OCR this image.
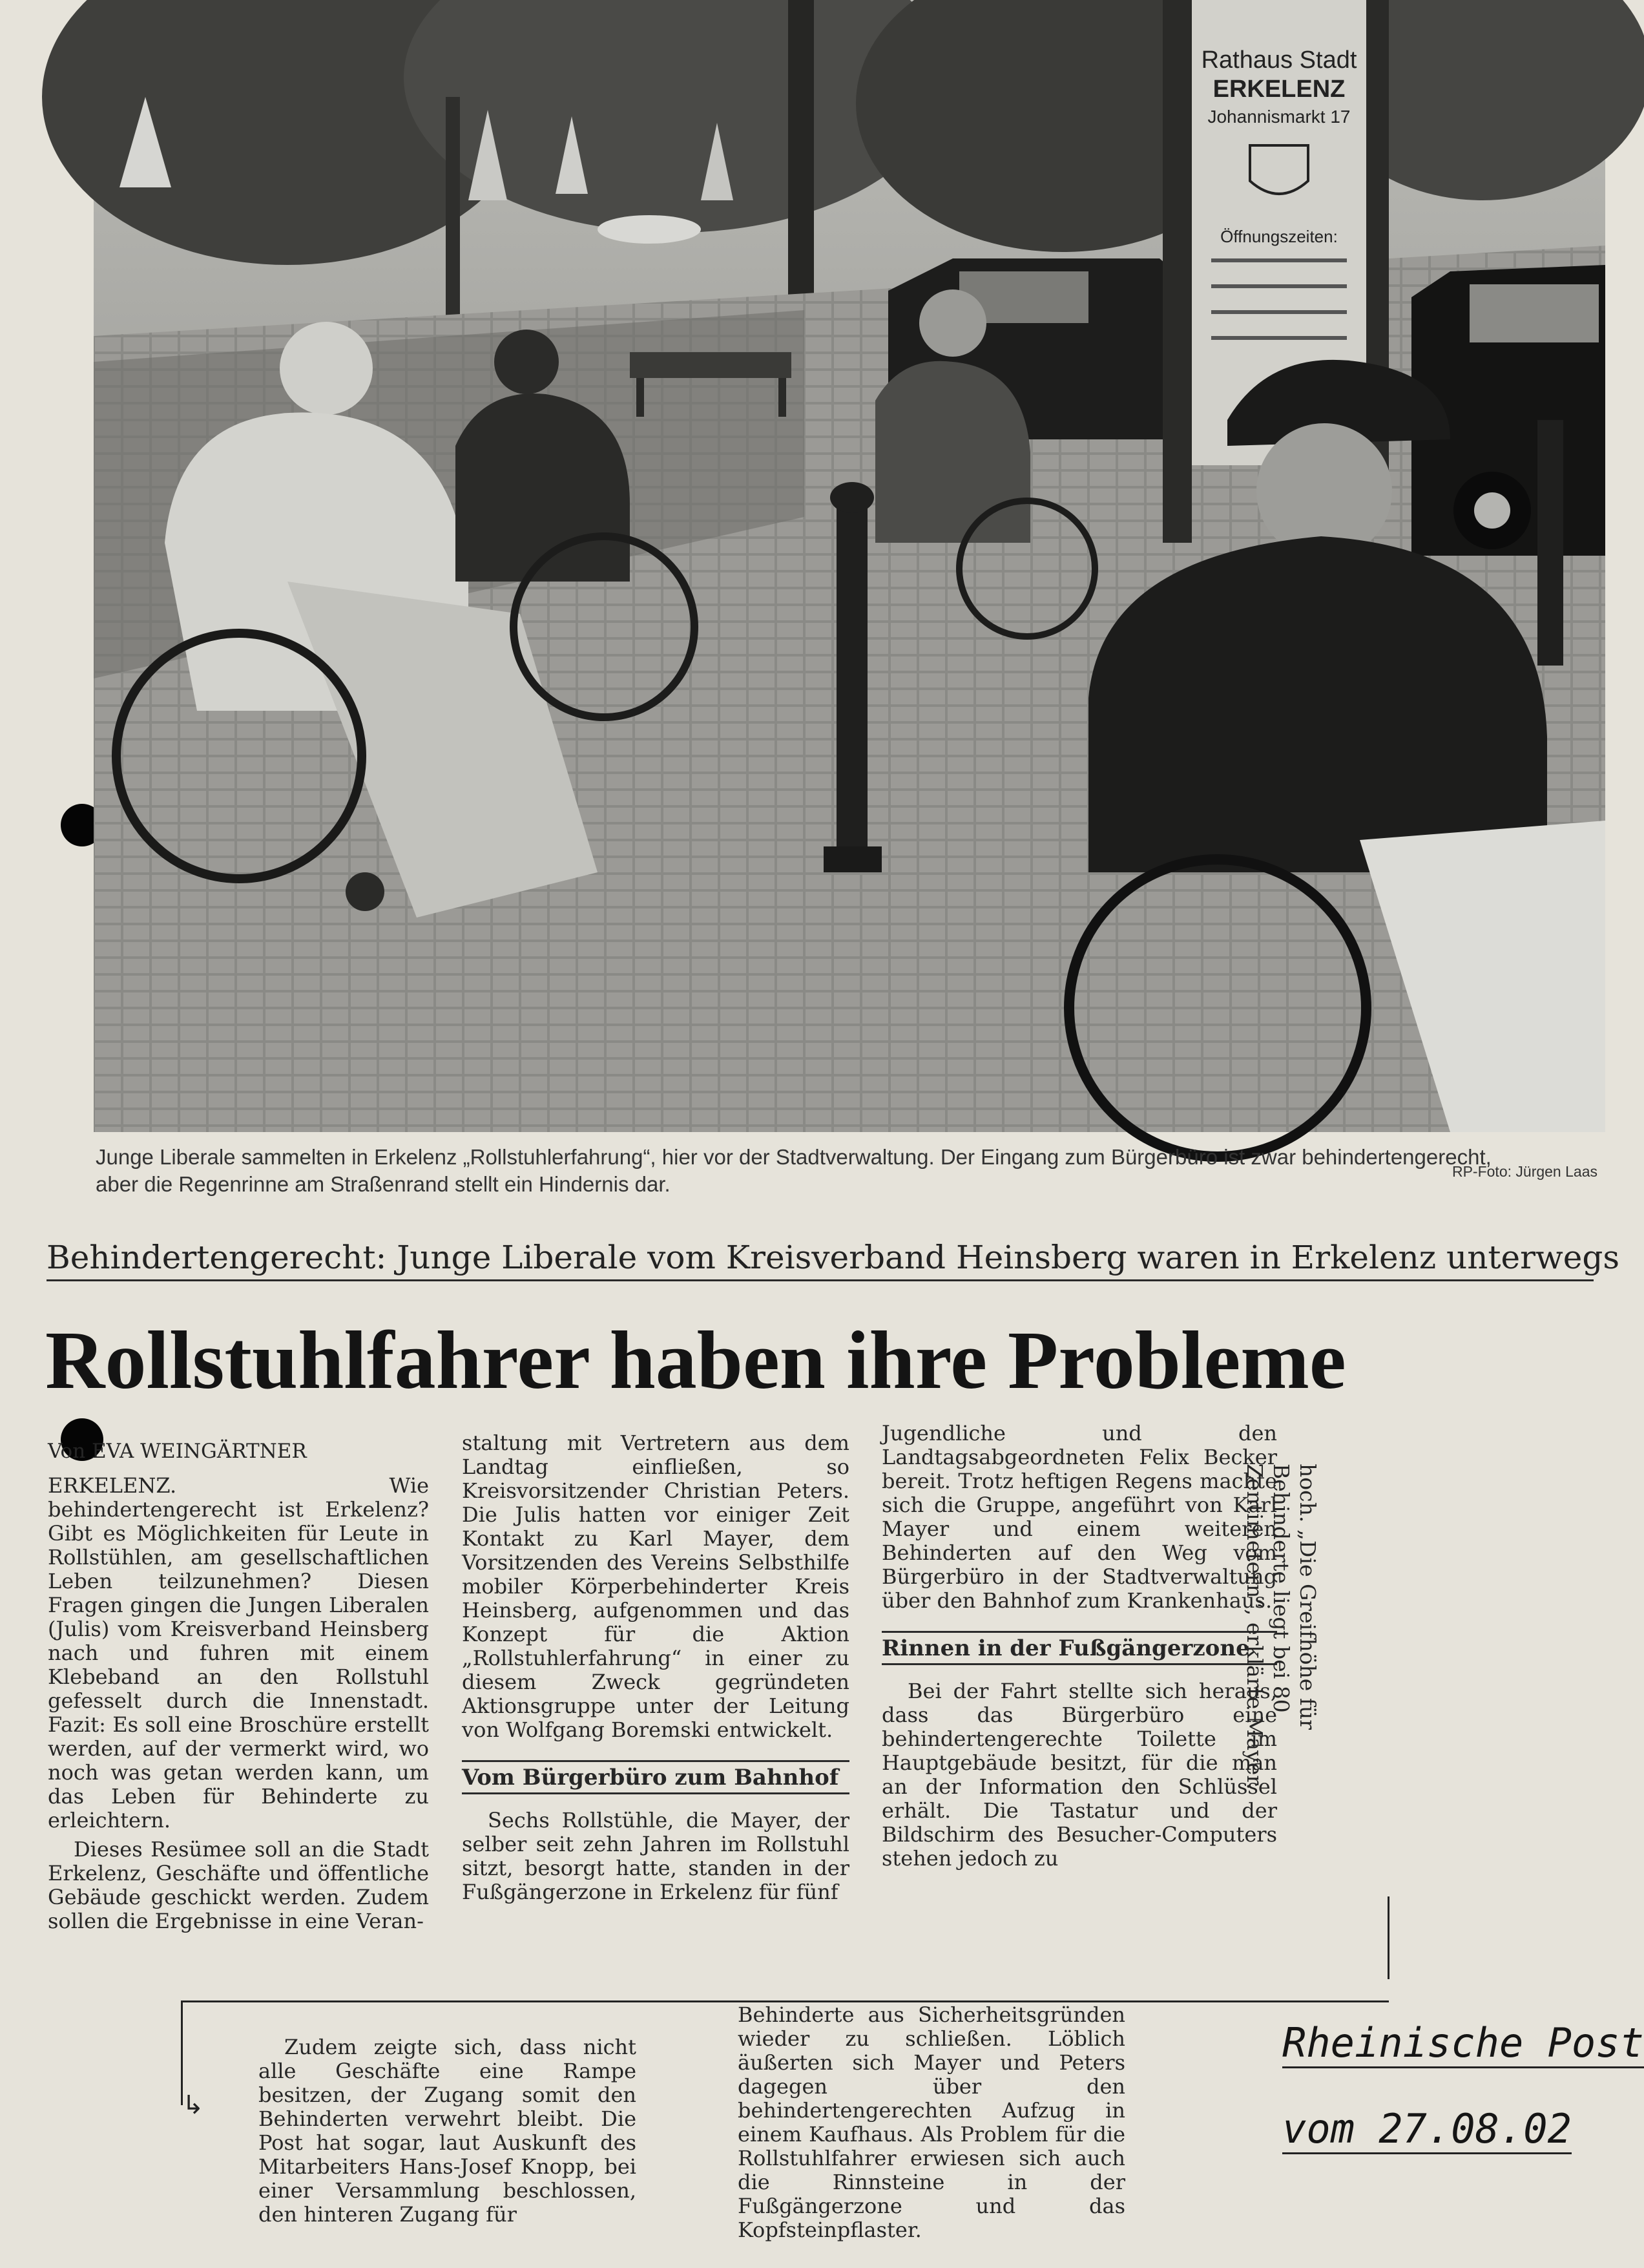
Rathaus Stadt
ERKELENZ
Johannismarkt 17
Öffnungszeiten:
Junge Liberale sammelten in Erkelenz „Rollstuhlerfahrung“, hier vor der Stadtverwaltung. Der Eingang zum Bürgerbüro ist zwar behindertengerecht,
aber die Regenrinne am Straßenrand stellt ein Hindernis dar.
RP-Foto: Jürgen Laas
Behindertengerecht: Junge Liberale vom Kreisverband Heinsberg waren in Erkelenz unterwegs
Rollstuhlfahrer haben ihre Probleme

Von EVA WEINGÄRTNER

ERKELENZ. Wie behindertengerecht ist Erkelenz? Gibt es Möglichkeiten für Leute in Rollstühlen, am gesellschaftlichen Leben teilzunehmen? Diesen Fragen gingen die Jungen Liberalen (Julis) vom Kreisverband Heinsberg nach und fuhren mit einem Klebeband an den Rollstuhl gefesselt durch die Innenstadt. Fazit: Es soll eine Broschüre erstellt werden, auf der vermerkt wird, wo noch was getan werden kann, um das Leben für Behinderte zu erleichtern.

Dieses Resümee soll an die Stadt Erkelenz, Geschäfte und öffentliche Gebäude geschickt werden. Zudem sollen die Ergebnisse in eine Veran-

staltung mit Vertretern aus dem Landtag einfließen, so Kreisvorsitzender Christian Peters. Die Julis hatten vor einiger Zeit Kontakt zu Karl Mayer, dem Vorsitzenden des Vereins Selbsthilfe mobiler Körperbehinderter Kreis Heinsberg, aufgenommen und das Konzept für die Aktion „Rollstuhlerfahrung“ in einer zu diesem Zweck gegründeten Aktionsgruppe unter der Leitung von Wolfgang Boremski entwickelt.

Vom Bürgerbüro zum Bahnhof

Sechs Rollstühle, die Mayer, der selber seit zehn Jahren im Rollstuhl sitzt, besorgt hatte, standen in der Fußgängerzone in Erkelenz für fünf

Jugendliche und den Landtagsabgeordneten Felix Becker bereit. Trotz heftigen Regens machte sich die Gruppe, angeführt von Karl Mayer und einem weiteren Behinderten auf den Weg vom Bürgerbüro in der Stadtverwaltung über den Bahnhof zum Krankenhaus.

Rinnen in der Fußgängerzone

Bei der Fahrt stellte sich heraus, dass das Bürgerbüro eine behindertengerechte Toilette im Hauptgebäude besitzt, für die man an der Information den Schlüssel erhält. Die Tastatur und der Bildschirm des Besucher-Computers stehen jedoch zu

hoch. „Die Greifhöhe für Behinderte liegt bei 80 Zentimetern“, erklärte Mayer.

↳

Zudem zeigte sich, dass nicht alle Geschäfte eine Rampe besitzen, der Zugang somit den Behinderten verwehrt bleibt. Die Post hat sogar, laut Auskunft des Mitarbeiters Hans-Josef Knopp, bei einer Versammlung beschlossen, den hinteren Zugang für

Behinderte aus Sicherheitsgründen wieder zu schließen. Löblich äußerten sich Mayer und Peters dagegen über den behindertengerechten Aufzug in einem Kaufhaus. Als Problem für die Rollstuhlfahrer erwiesen sich auch die Rinnsteine in der Fußgängerzone und das Kopfsteinpflaster.

Rheinische Post
vom 27.08.02
